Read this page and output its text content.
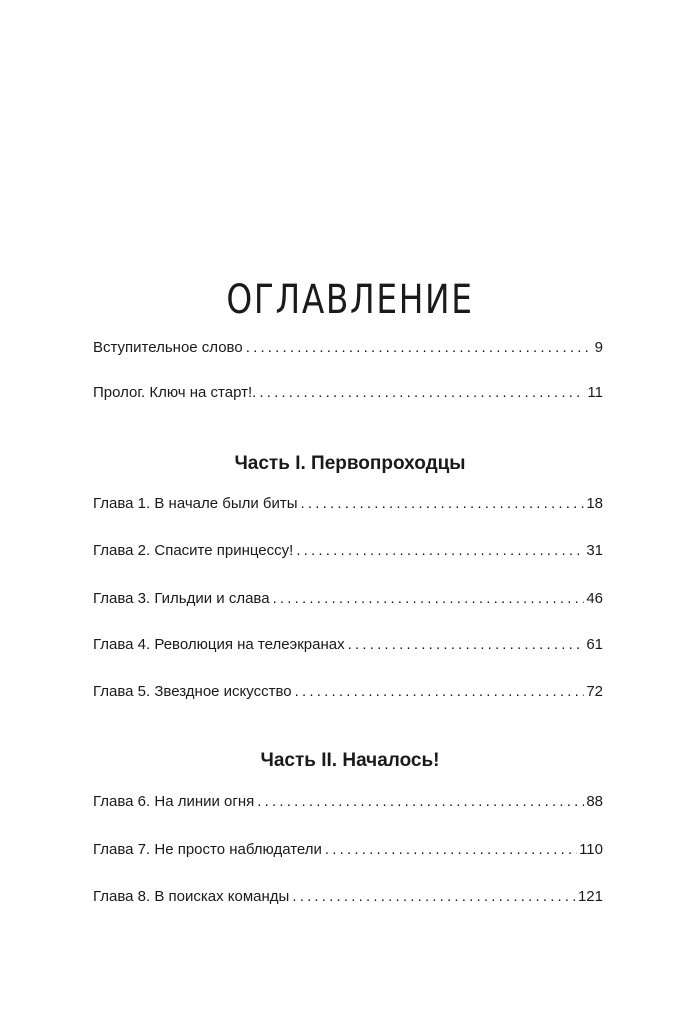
ОГЛАВЛЕНИЕ
Вступительное слово .....	9
Пролог. Ключ на старт!. .....	11
Часть I. Первопроходцы
Глава 1. В начале были биты .....	18
Глава 2. Спасите принцессу! .....	31
Глава 3. Гильдии и слава .....	46
Глава 4. Революция на телеэкранах .....	61
Глава 5. Звездное искусство .....	72
Часть II. Началось!
Глава 6. На линии огня .....	88
Глава 7. Не просто наблюдатели .....	110
Глава 8. В поисках команды .....	121
